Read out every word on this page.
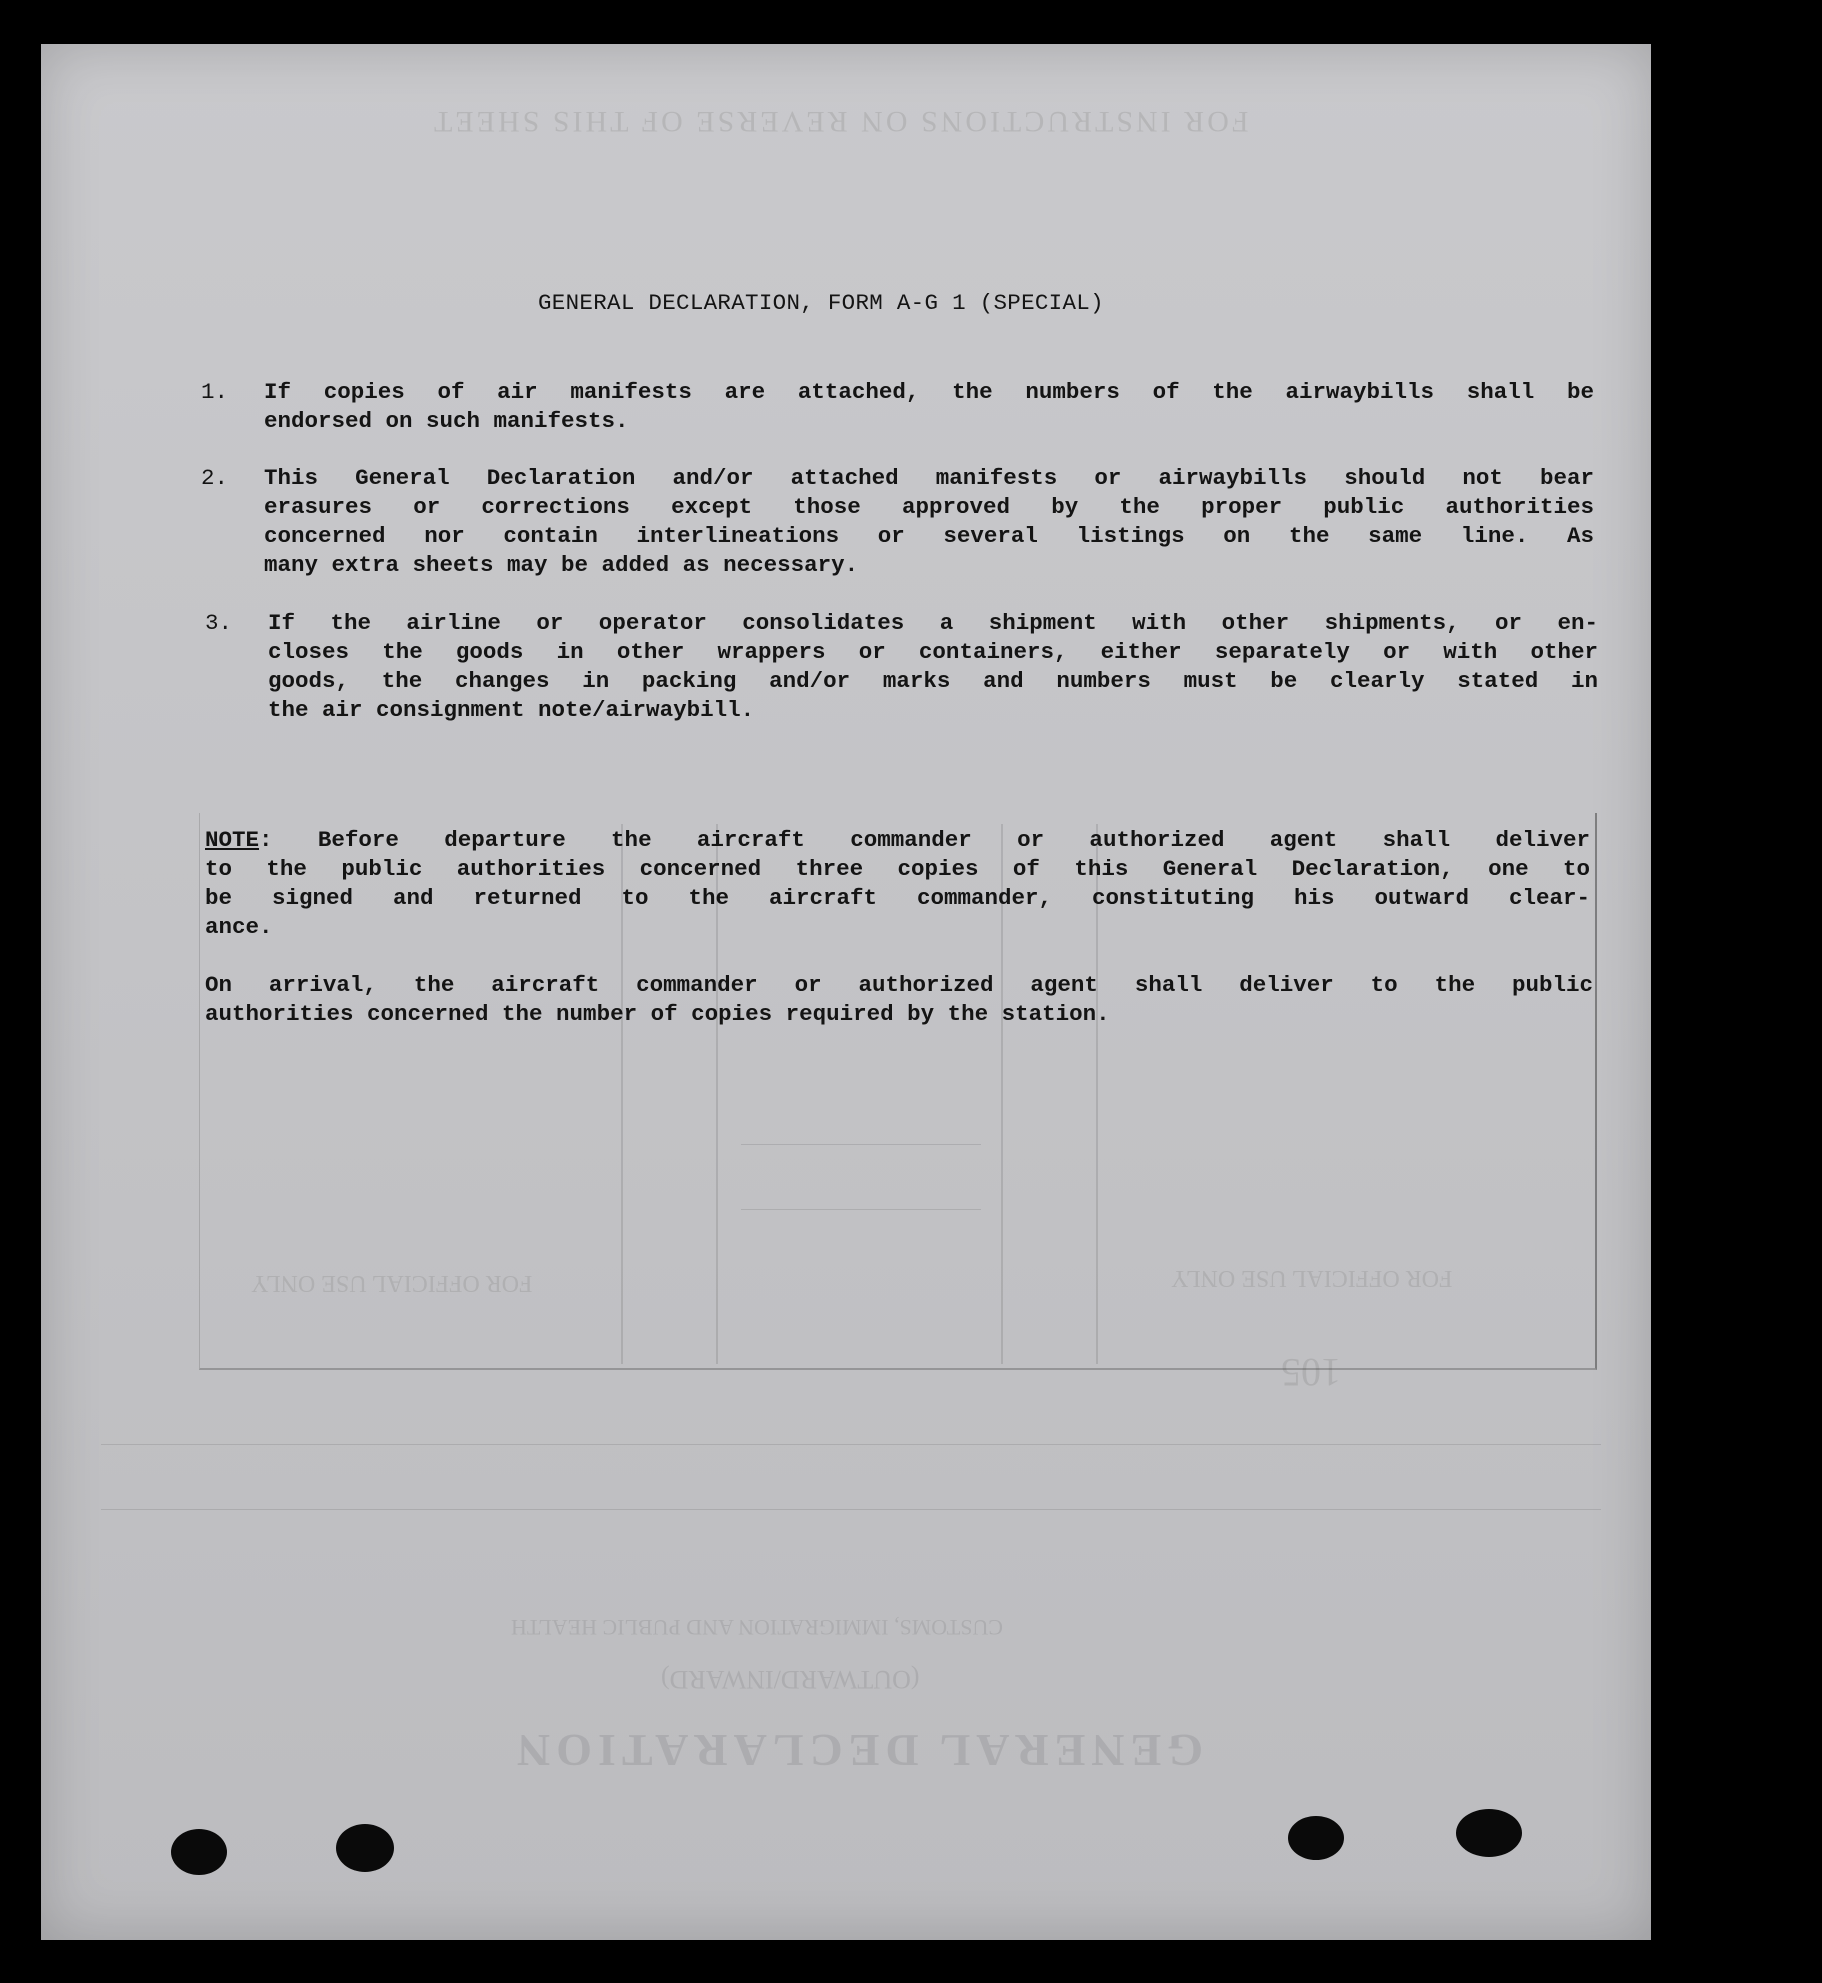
GENERAL DECLARATION
(OUTWARD/INWARD)
CUSTOMS, IMMIGRATION AND PUBLIC HEALTH
FOR INSTRUCTIONS ON REVERSE OF THIS SHEET
105
FOR OFFICIAL USE ONLY
FOR OFFICIAL USE ONLY
GENERAL DECLARATION, FORM A-G 1 (SPECIAL)
1. If copies of air manifests are attached, the numbers of the airwaybills shall be
endorsed on such manifests.
2. This General Declaration and/or attached manifests or airwaybills should not bear
erasures or corrections except those approved by the proper public authorities
concerned nor contain interlineations or several listings on the same line. As
many extra sheets may be added as necessary.
3. If the airline or operator consolidates a shipment with other shipments, or en-
closes the goods in other wrappers or containers, either separately or with other
goods, the changes in packing and/or marks and numbers must be clearly stated in
the air consignment note/airwaybill.
NOTE: Before departure the aircraft commander or authorized agent shall deliver
to the public authorities concerned three copies of this General Declaration, one to
be signed and returned to the aircraft commander, constituting his outward clear-
ance.
On arrival, the aircraft commander or authorized agent shall deliver to the public
authorities concerned the number of copies required by the station.
